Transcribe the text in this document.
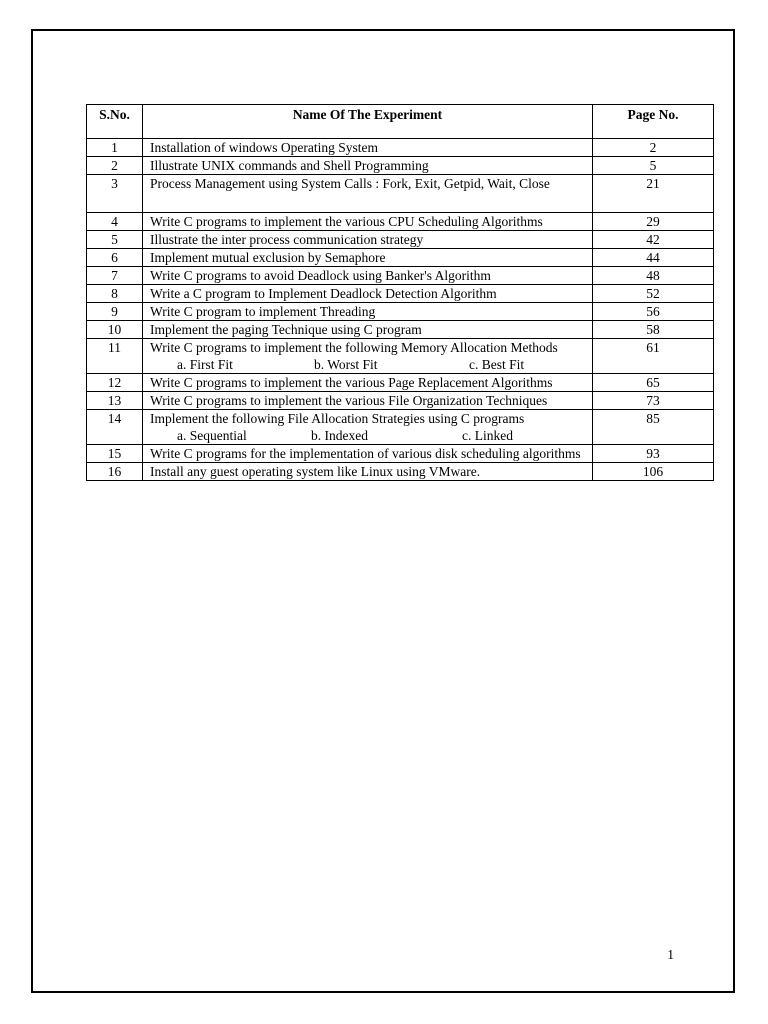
S.No.	Name Of The Experiment	Page No.
1	Installation of windows Operating System	2
2	Illustrate UNIX commands and Shell Programming	5
3	Process Management using System Calls : Fork, Exit, Getpid, Wait, Close	21
4	Write C programs to implement the various CPU Scheduling Algorithms	29
5	Illustrate the inter process communication strategy	42
6	Implement mutual exclusion by Semaphore	44
7	Write C programs to avoid Deadlock using Banker's Algorithm	48
8	Write a C program to Implement Deadlock Detection Algorithm	52
9	Write C program to implement Threading	56
10	Implement the paging Technique using C program	58
11	Write C programs to implement the following Memory Allocation Methods
a. First Fit b. Worst Fit c. Best Fit	61
12	Write C programs to implement the various Page Replacement Algorithms	65
13	Write C programs to implement the various File Organization Techniques	73
14	Implement the following File Allocation Strategies using C programs
a. Sequential b. Indexed c. Linked	85
15	Write C programs for the implementation of various disk scheduling algorithms	93
16	Install any guest operating system like Linux using VMware.	106
1
